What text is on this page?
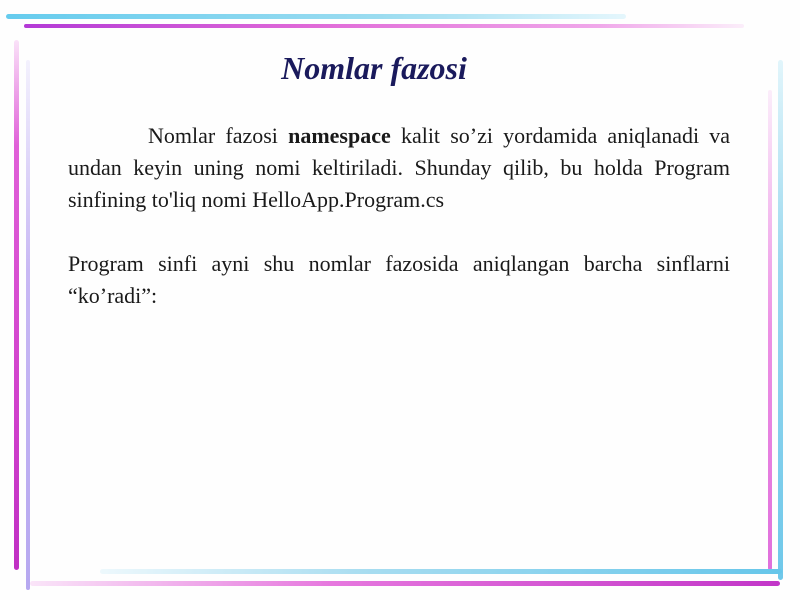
Nomlar fazosi

Nomlar fazosi namespace kalit so’zi yordamida aniqlanadi va undan keyin uning nomi keltiriladi. Shunday qilib, bu holda Program sinfining to'liq nomi HelloApp.Program.cs

Program sinfi ayni shu nomlar fazosida aniqlangan barcha sinflarni “ko’radi”:
